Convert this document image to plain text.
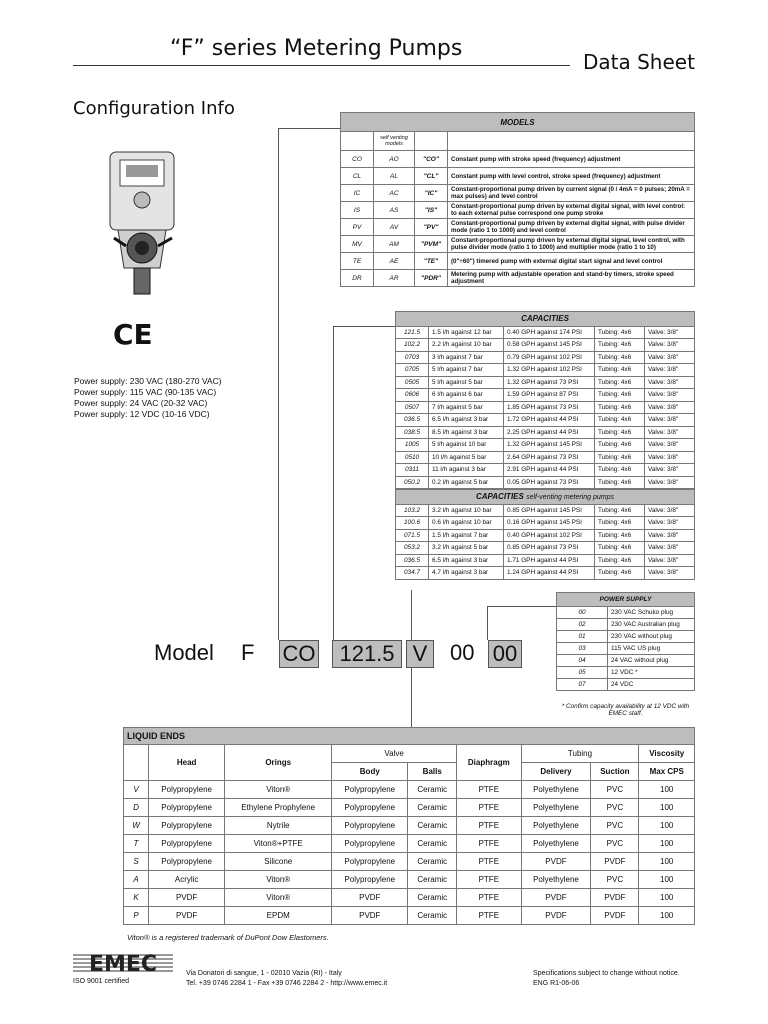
“F” series Metering Pumps
Data Sheet
Configuration Info
CE
Power supply: 230 VAC (180-270 VAC)
Power supply: 115 VAC (90-135 VAC)
Power supply: 24 VAC (20-32 VAC)
Power supply: 12 VDC (10-16 VDC)
MODELS			
	self venting models		
CO	AO	"CO"	Constant pump with stroke speed (frequency) adjustment
CL	AL	"CL"	Constant pump with level control, stroke speed (frequency) adjustment
IC	AC	"IC"	Constant-proportional pump driven by current signal (0 / 4mA = 0 pulses; 20mA = max pulses) and level control
IS	AS	"IS"	Constant-proportional pump driven by external digital signal, with level control: to each external pulse correspond one pump stroke
PV	AV	"PV"	Constant-proportional pump driven by external digital signal, with pulse divider mode (ratio 1 to 1000) and level control
MV	AM	"PVM"	Constant-proportional pump driven by external digital signal, level control, with pulse divider mode (ratio 1 to 1000) and multiplier mode (ratio 1 to 10)
TE	AE	"TE"	(0"÷60") timered pump with external digital start signal and level control
DR	AR	"PDR"	Metering pump with adjustable operation and stand-by timers, stroke speed adjustment
CAPACITIES				
121.5	1.5 l/h against 12 bar	0.40 GPH against 174 PSI	Tubing: 4x6	Valve: 3/8"
102.2	2.2 l/h against 10 bar	0.58 GPH against 145 PSI	Tubing: 4x6	Valve: 3/8"
0703	3 l/h against 7 bar	0.79 GPH against 102 PSI	Tubing: 4x6	Valve: 3/8"
0705	5 l/h against 7 bar	1.32 GPH against 102 PSI	Tubing: 4x6	Valve: 3/8"
0505	5 l/h against 5 bar	1.32 GPH against 73 PSI	Tubing: 4x6	Valve: 3/8"
0606	6 l/h against 6 bar	1.59 GPH against 87 PSI	Tubing: 4x6	Valve: 3/8"
0507	7 l/h against 5 bar	1.85 GPH against 73 PSI	Tubing: 4x6	Valve: 3/8"
036.5	6.5 l/h against 3 bar	1.72 GPH against 44 PSI	Tubing: 4x6	Valve: 3/8"
038.5	8.5 l/h against 3 bar	2.25 GPH against 44 PSI	Tubing: 4x6	Valve: 3/8"
1005	5 l/h against 10 bar	1.32 GPH against 145 PSI	Tubing: 4x6	Valve: 3/8"
0510	10 l/h against 5 bar	2.64 GPH against 73 PSI	Tubing: 4x6	Valve: 3/8"
0311	11 l/h against 3 bar	2.91 GPH against 44 PSI	Tubing: 4x6	Valve: 3/8"
050.2	0.2 l/h against 5 bar	0.05 GPH against 73 PSI	Tubing: 4x6	Valve: 3/8"
CAPACITIES self-venting metering pumps				
103.2	3.2 l/h against 10 bar	0.85 GPH against 145 PSI	Tubing: 4x6	Valve: 3/8"
100.6	0.6 l/h against 10 bar	0.16 GPH against 145 PSI	Tubing: 4x6	Valve: 3/8"
071.5	1.5 l/h against 7 bar	0.40 GPH against 102 PSI	Tubing: 4x6	Valve: 3/8"
053.2	3.2 l/h against 5 bar	0.85 GPH against 73 PSI	Tubing: 4x6	Valve: 3/8"
036.5	6.5 l/h against 3 bar	1.71 GPH against 44 PSI	Tubing: 4x6	Valve: 3/8"
034.7	4.7 l/h against 3 bar	1.24 GPH against 44 PSI	Tubing: 4x6	Valve: 3/8"
POWER SUPPLY	
00	230 VAC Schuko plug
02	230 VAC Australian plug
01	230 VAC without plug
03	115 VAC US plug
04	24 VAC without plug
05	12 VDC *
07	24 VDC
* Confirm capacity availability at 12 VDC with EMEC staff.
Model F CO	121.5 V	00 00
LIQUID ENDS								
	Head	Orings	Valve		Diaphragm	Tubing		Viscosity
			Body	Balls		Delivery	Suction	Max CPS
V	Polypropylene	Viton®	Polypropylene	Ceramic	PTFE	Polyethylene	PVC	100
D	Polypropylene	Ethylene Prophylene	Polypropylene	Ceramic	PTFE	Polyethylene	PVC	100
W	Polypropylene	Nytrile	Polypropylene	Ceramic	PTFE	Polyethylene	PVC	100
T	Polypropylene	Viton®+PTFE	Polypropylene	Ceramic	PTFE	Polyethylene	PVC	100
S	Polypropylene	Silicone	Polypropylene	Ceramic	PTFE	PVDF	PVDF	100
A	Acrylic	Viton®	Polypropylene	Ceramic	PTFE	Polyethylene	PVC	100
K	PVDF	Viton®	PVDF	Ceramic	PTFE	PVDF	PVDF	100
P	PVDF	EPDM	PVDF	Ceramic	PTFE	PVDF	PVDF	100
Viton® is a registered trademark of DuPont Dow Elastomers.
EMEC
ISO 9001 certified
Via Donatori di sangue, 1 - 02010 Vazia (RI) - Italy
Tel. +39 0746 2284 1 - Fax +39 0746 2284 2 - http://www.emec.it
Specifications subject to change without notice.
ENG R1-06-06
